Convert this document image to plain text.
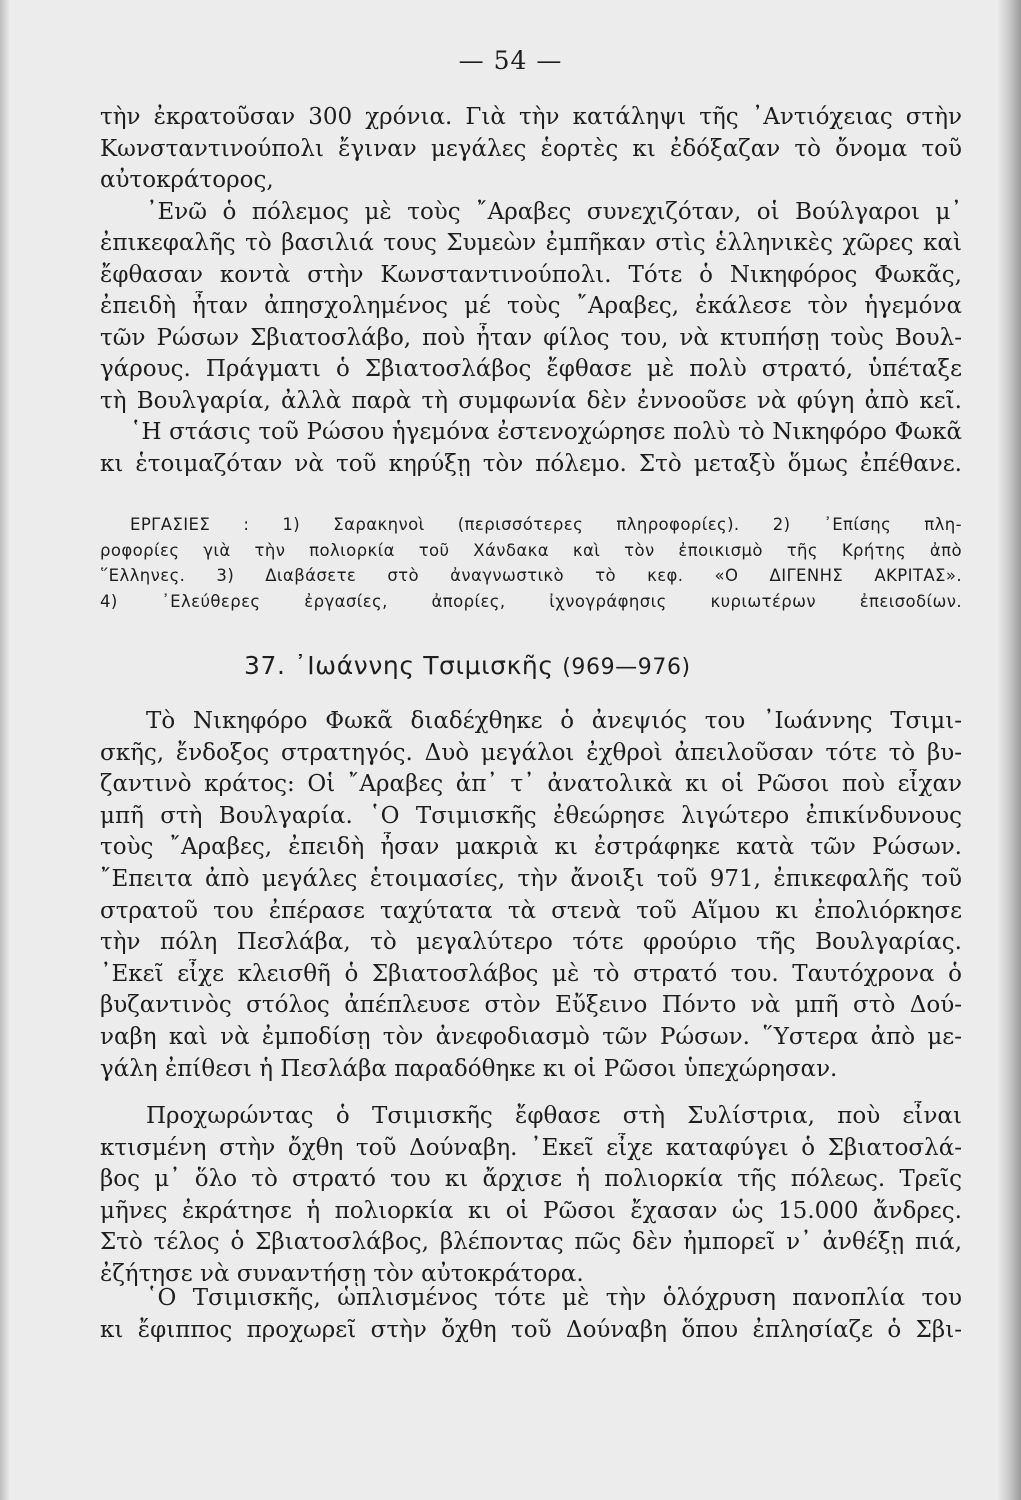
— 54 —
τὴν ἐκρατοῦσαν 300 χρόνια. Γιὰ τὴν κατάληψι τῆς ᾿Αντιόχειας στὴν
Κωνσταντινούπολι ἔγιναν μεγάλες ἑορτὲς κι ἐδόξαζαν τὸ ὄνομα τοῦ
αὐτοκράτορος,
᾿Ενῶ ὁ πόλεμος μὲ τοὺς ῎Αραβες συνεχιζόταν, οἱ Βούλγαροι μ᾿
ἐπικεφαλῆς τὸ βασιλιά τους Συμεὼν ἐμπῆκαν στὶς ἑλληνικὲς χῶρες καὶ
ἔφθασαν κοντὰ στὴν Κωνσταντινούπολι. Τότε ὁ Νικηφόρος Φωκᾶς,
ἐπειδὴ ἦταν ἀπησχολημένος μέ τοὺς ῎Αραβες, ἐκάλεσε τὸν ἡγεμόνα
τῶν Ρώσων Σβιατοσλάβο, ποὺ ἦταν φίλος του, νὰ κτυπήσῃ τοὺς Βουλ-
γάρους. Πράγματι ὁ Σβιατοσλάβος ἔφθασε μὲ πολὺ στρατό, ὑπέταξε
τὴ Βουλγαρία, ἀλλὰ παρὰ τὴ συμφωνία δὲν ἐννοοῦσε νὰ φύγη ἀπὸ κεῖ.
῾Η στάσις τοῦ Ρώσου ἡγεμόνα ἐστενοχώρησε πολὺ τὸ Νικηφόρο Φωκᾶ
κι ἑτοιμαζόταν νὰ τοῦ κηρύξῃ τὸν πόλεμο. Στὸ μεταξὺ ὅμως ἐπέθανε.
ΕΡΓΑΣΙΕΣ : 1) Σαρακηνοὶ (περισσότερες πληροφορίες). 2) ᾿Επίσης πλη-
ροφορίες γιὰ τὴν πολιορκία τοῦ Χάνδακα καὶ τὸν ἐποικισμὸ τῆς Κρήτης ἀπὸ
῞Ελληνες. 3) Διαβάσετε στὸ ἀναγνωστικὸ τὸ κεφ. «Ο ΔΙΓΕΝΗΣ ΑΚΡΙΤΑΣ».
4) ᾿Ελεύθερες ἐργασίες, ἀπορίες, ἰχνογράφησις κυριωτέρων ἐπεισοδίων.
37. ᾿Ιωάννης Τσιμισκῆς (969—976)
Τὸ Νικηφόρο Φωκᾶ διαδέχθηκε ὁ ἀνεψιός του ᾿Ιωάννης Τσιμι-
σκῆς, ἔνδοξος στρατηγός. Δυὸ μεγάλοι ἐχθροὶ ἀπειλοῦσαν τότε τὸ βυ-
ζαντινὸ κράτος: Οἱ ῎Αραβες ἀπ᾿ τ᾿ ἀνατολικὰ κι οἱ Ρῶσοι ποὺ εἶχαν
μπῆ στὴ Βουλγαρία. ῾Ο Τσιμισκῆς ἐθεώρησε λιγώτερο ἐπικίνδυνους
τοὺς ῎Αραβες, ἐπειδὴ ἦσαν μακριὰ κι ἐστράφηκε κατὰ τῶν Ρώσων.
῎Επειτα ἀπὸ μεγάλες ἑτοιμασίες, τὴν ἄνοιξι τοῦ 971, ἐπικεφαλῆς τοῦ
στρατοῦ του ἐπέρασε ταχύτατα τὰ στενὰ τοῦ Αἵμου κι ἐπολιόρκησε
τὴν πόλη Πεσλάβα, τὸ μεγαλύτερο τότε φρούριο τῆς Βουλγαρίας.
᾿Εκεῖ εἶχε κλεισθῆ ὁ Σβιατοσλάβος μὲ τὸ στρατό του. Ταυτόχρονα ὁ
βυζαντινὸς στόλος ἀπέπλευσε στὸν Εὔξεινο Πόντο νὰ μπῆ στὸ Δού-
ναβη καὶ νὰ ἐμποδίσῃ τὸν ἀνεφοδιασμὸ τῶν Ρώσων. ῞Υστερα ἀπὸ με-
γάλη ἐπίθεσι ἡ Πεσλάβα παραδόθηκε κι οἱ Ρῶσοι ὑπεχώρησαν.
Προχωρώντας ὁ Τσιμισκῆς ἔφθασε στὴ Συλίστρια, ποὺ εἶναι
κτισμένη στὴν ὄχθη τοῦ Δούναβη. ᾿Εκεῖ εἶχε καταφύγει ὁ Σβιατοσλά-
βος μ᾿ ὅλο τὸ στρατό του κι ἄρχισε ἡ πολιορκία τῆς πόλεως. Τρεῖς
μῆνες ἐκράτησε ἡ πολιορκία κι οἱ Ρῶσοι ἔχασαν ὡς 15.000 ἄνδρες.
Στὸ τέλος ὁ Σβιατοσλάβος, βλέποντας πῶς δὲν ἠμπορεῖ ν᾿ ἀνθέξῃ πιά,
ἐζήτησε νὰ συναντήσῃ τὸν αὐτοκράτορα.
῾Ο Τσιμισκῆς, ὡπλισμένος τότε μὲ τὴν ὁλόχρυση πανοπλία του
κι ἔφιππος προχωρεῖ στὴν ὄχθη τοῦ Δούναβη ὅπου ἐπλησίαζε ὁ Σβι-
